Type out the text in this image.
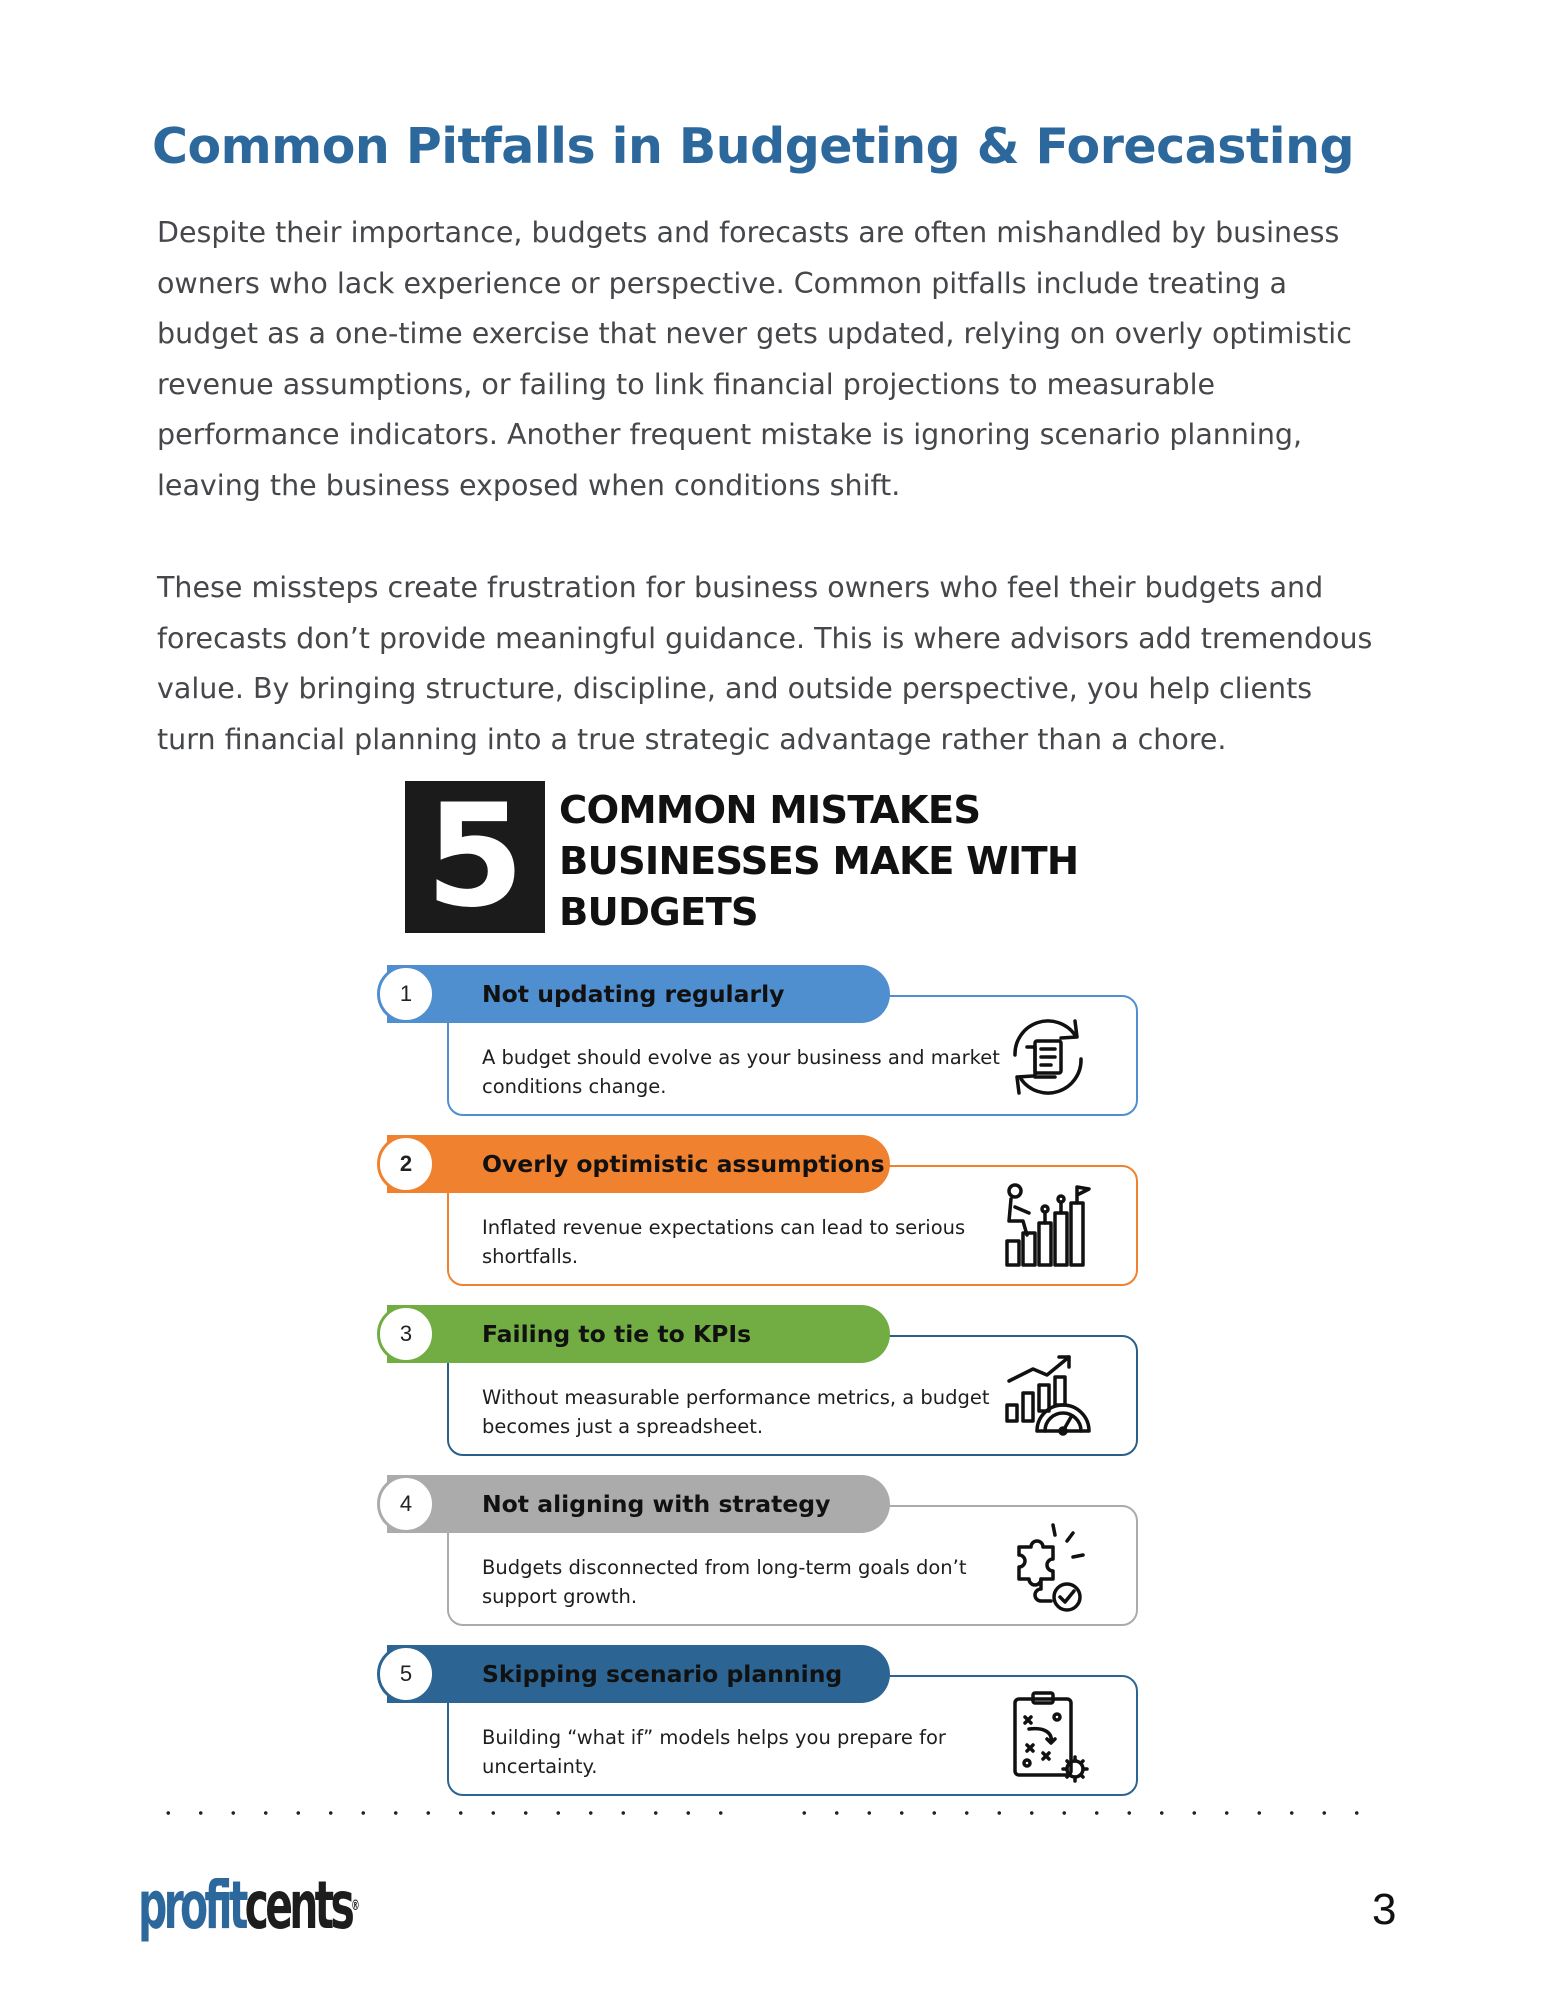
Common Pitfalls in Budgeting & Forecasting

Despite their importance, budgets and forecasts are often mishandled by business owners who lack experience or perspective. Common pitfalls include treating a budget as a one-time exercise that never gets updated, relying on overly optimistic revenue assumptions, or failing to link financial projections to measurable performance indicators. Another frequent mistake is ignoring scenario planning, leaving the business exposed when conditions shift.

These missteps create frustration for business owners who feel their budgets and forecasts don’t provide meaningful guidance. This is where advisors add tremendous value. By bringing structure, discipline, and outside perspective, you help clients turn financial planning into a true strategic advantage rather than a chore.

5 COMMON MISTAKES BUSINESSES MAKE WITH BUDGETS
1	Not updating regularly

A budget should evolve as your business and market conditions change.

2	Overly optimistic assumptions

Inflated revenue expectations can lead to serious shortfalls.

3	Failing to tie to KPIs

Without measurable performance metrics, a budget becomes just a spreadsheet.

4	Not aligning with strategy

Budgets disconnected from long-term goals don’t support growth.

5	Skipping scenario planning

Building “what if” models helps you prepare for uncertainty.

profitcents®	3
